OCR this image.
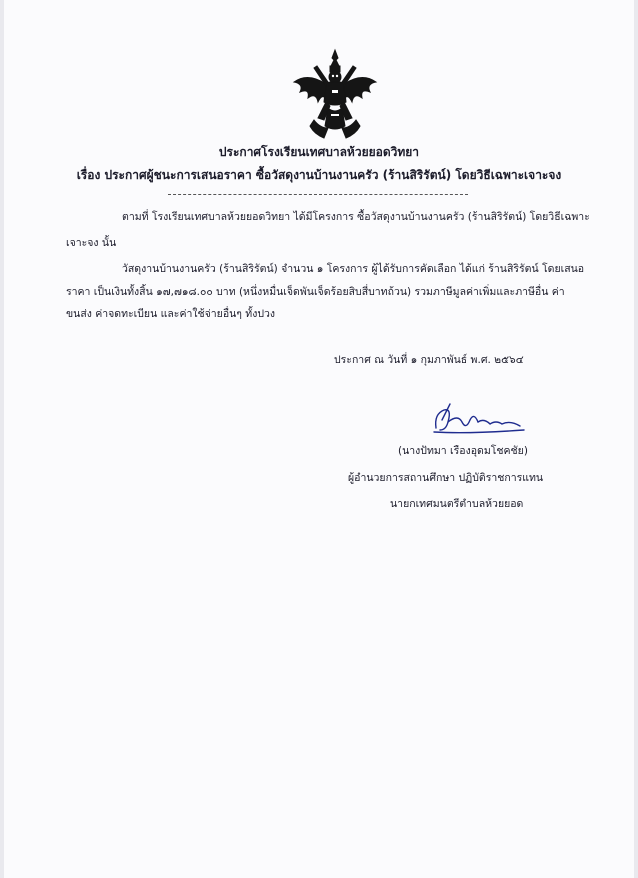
ประกาศโรงเรียนเทศบาลห้วยยอดวิทยา
เรื่อง ประกาศผู้ชนะการเสนอราคา ซื้อวัสดุงานบ้านงานครัว (ร้านสิริรัตน์) โดยวิธีเฉพาะเจาะจง
ตามที่ โรงเรียนเทศบาลห้วยยอดวิทยา ได้มีโครงการ ซื้อวัสดุงานบ้านงานครัว (ร้านสิริรัตน์) โดยวิธีเฉพาะ
เจาะจง นั้น
วัสดุงานบ้านงานครัว (ร้านสิริรัตน์) จำนวน ๑ โครงการ ผู้ได้รับการคัดเลือก ได้แก่ ร้านสิริรัตน์ โดยเสนอ
ราคา เป็นเงินทั้งสิ้น ๑๗,๗๑๘.๐๐ บาท (หนึ่งหมื่นเจ็ดพันเจ็ดร้อยสิบสี่บาทถ้วน) รวมภาษีมูลค่าเพิ่มและภาษีอื่น ค่า
ขนส่ง ค่าจดทะเบียน และค่าใช้จ่ายอื่นๆ ทั้งปวง
ประกาศ ณ วันที่ ๑ กุมภาพันธ์ พ.ศ. ๒๕๖๔
(นางปัทมา เรืองอุดมโชคชัย)
ผู้อำนวยการสถานศึกษา ปฏิบัติราชการแทน
นายกเทศมนตรีตำบลห้วยยอด
